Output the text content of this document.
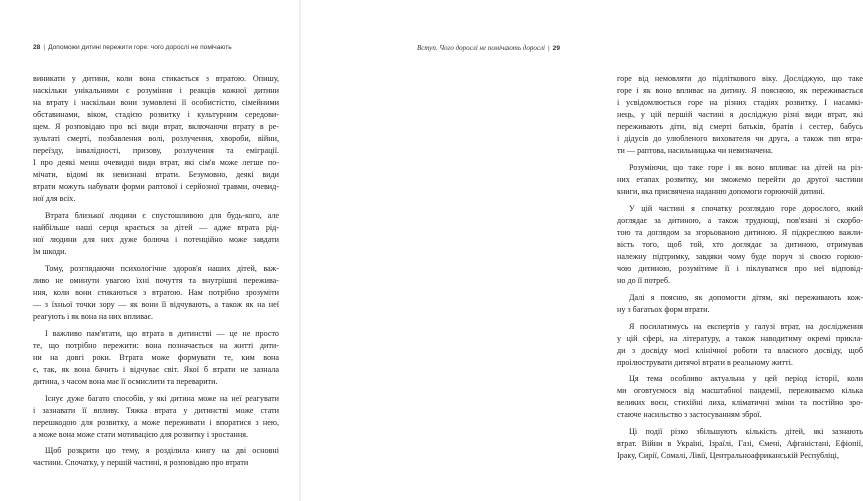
28 | Допоможи дитині пережити горе: чого дорослі не помічають
виникати у дитини, коли вона стикається з втратою. Опишу,
наскільки унікальними є розуміння і реакція кожної дитини
на втрату і наскільки вони зумовлені її особистістю, сімейними
обставинами, віком, стадією розвитку і культурним середови-
щем. Я розповідаю про всі види втрат, включаючи втрату в ре-
зультаті смерті, позбавлення волі, розлучення, хвороби, війни,
переїзду, інвалідності, призову, розлучення та еміграції.
І про деякі менш очевидні види втрат, які сім'я може легше по-
мічати, відомі як невизнані втрати. Безумовно, деякі види
втрати можуть набувати форми раптової і серйозної травми, очевид-
ної для всіх.
Втрата близької людини є спустошливою для будь-кого, але
найбільше наші серця крається за дітей — адже втрата рід-
ної людини для них дуже болюча і потенційно може завдати
їм шкоди.
Тому, розглядаючи психологічне здоров'я наших дітей, важ-
ливо не оминути увагою їхні почуття та внутрішні пережива-
ння, коли вони стикаються з втратою. Нам потрібно зрозуміти
— з їхньої точки зору — як вони її відчувають, а також як на неї
реагують і як вона на них впливає.
І важливо пам'ятати, що втрата в дитинстві — це не просто
те, що потрібно пережити: вона позначається на житті дити-
ни на довгі роки. Втрата може формувати те, ким вона
є, так, як вона бачить і відчуває світ. Якої б втрати не зазнала
дитина, з часом вона має її осмислити та переварити.
Існує дуже багато способів, у які дитина може на неї реагувати
і зазнавати її впливу. Тяжка втрата у дитинстві може стати
перешкодою для розвитку, а може переживати і впоратися з нею,
а може вона може стати мотивацією для розвитку і зростання.
Щоб розкрити цю тему, я розділила книгу на дві основні
частини. Спочатку, у першій частині, я розповідаю про втрати
Вступ. Чого дорослі не помічають дорослі | 29
горе від немовляти до підліткового віку. Досліджую, що таке
горе і як воно впливає на дитину. Я пояснюю, як переживається
і усвідомлюється горе на різних стадіях розвитку. І насамкі-
нець, у цій першій частині я досліджую різні види втрат, які
переживають діти, від смерті батьків, братів і сестер, бабусь
і дідусів до улюбленого вихователя чи друга, а також тип втра-
ти — раптова, насильницька чи невизначена.
Розуміючи, що таке горе і як воно впливає на дітей на різ-
них етапах розвитку, ми зможемо перейти до другої частини
книги, яка присвячена наданню допомоги горюючій дитині.
У цій частині я спочатку розглядаю горе дорослого, який
доглядає за дитиною, а також труднощі, пов'язані зі скорбо-
тою та доглядом за згорьованою дитиною. Я підкреслюю важли-
вість того, щоб той, хто доглядає за дитиною, отримував
належну підтримку, завдяки чому буде поруч зі своєю горюю-
чою дитиною, розумітиме її і піклуватися про неї відповід-
но до її потреб.
Далі я поясню, як допомогти дітям, які переживають кож-
ну з багатьох форм втрати.
Я посилатимусь на експертів у галузі втрат, на дослідження
у цій сфері, на літературу, а також наводитиму окремі прикла-
ди з досвіду моєї клінічної роботи та власного досвіду, щоб
проілюструвати дитячої втрати в реальному житті.
Ця тема особливо актуальна у цей період історії, коли
ми оговтуємося від масштабної пандемії, переживаємо кілька
великих воєн, стихійні лиха, кліматичні зміни та постійно зро-
стаюче насильство з застосуванням зброї.
Ці події різко збільшують кількість дітей, які зазнають
втрат. Війни в Україні, Ізраїлі, Газі, Ємені, Афганістані, Ефіопії,
Іраку, Сирії, Сомалі, Лівії, Центральноафриканській Республіці,
